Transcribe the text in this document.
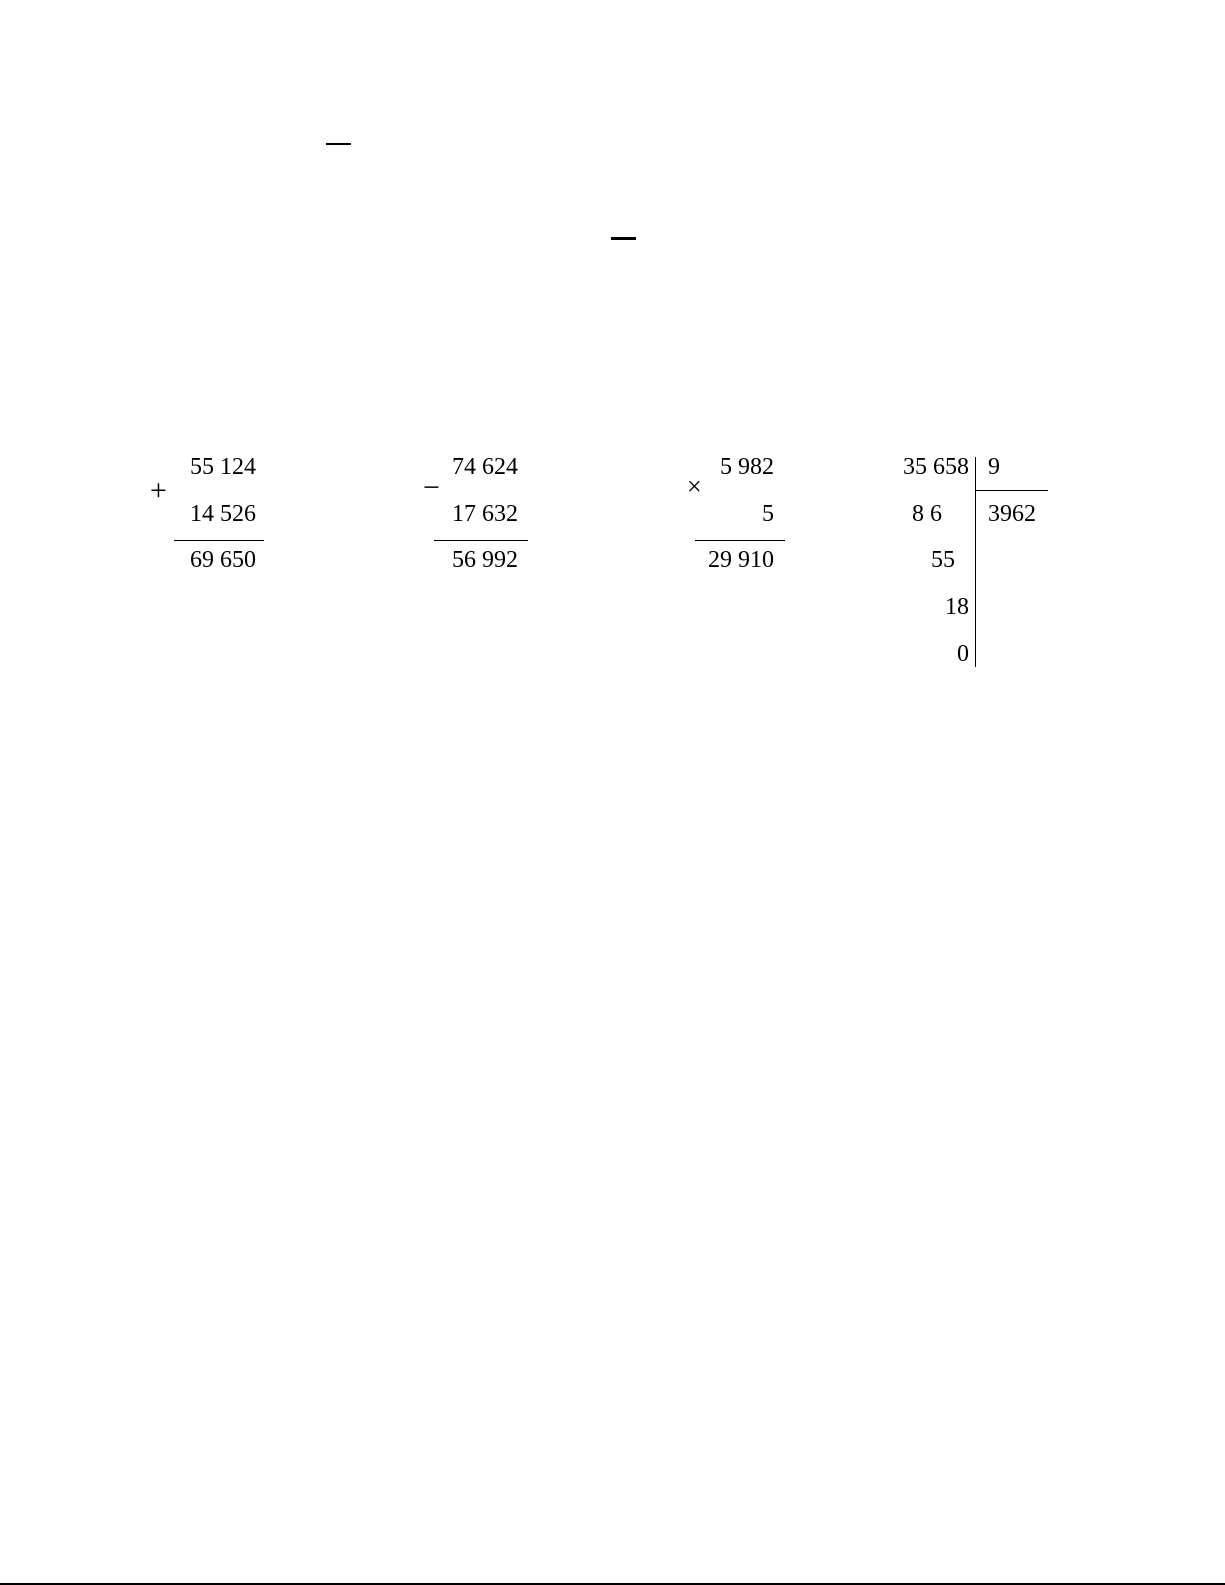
+
55 124
14 526
69 650
−
74 624
17 632
56 992
×
5 982
5
29 910
35 658 9
3962
8 6
55
18
0
